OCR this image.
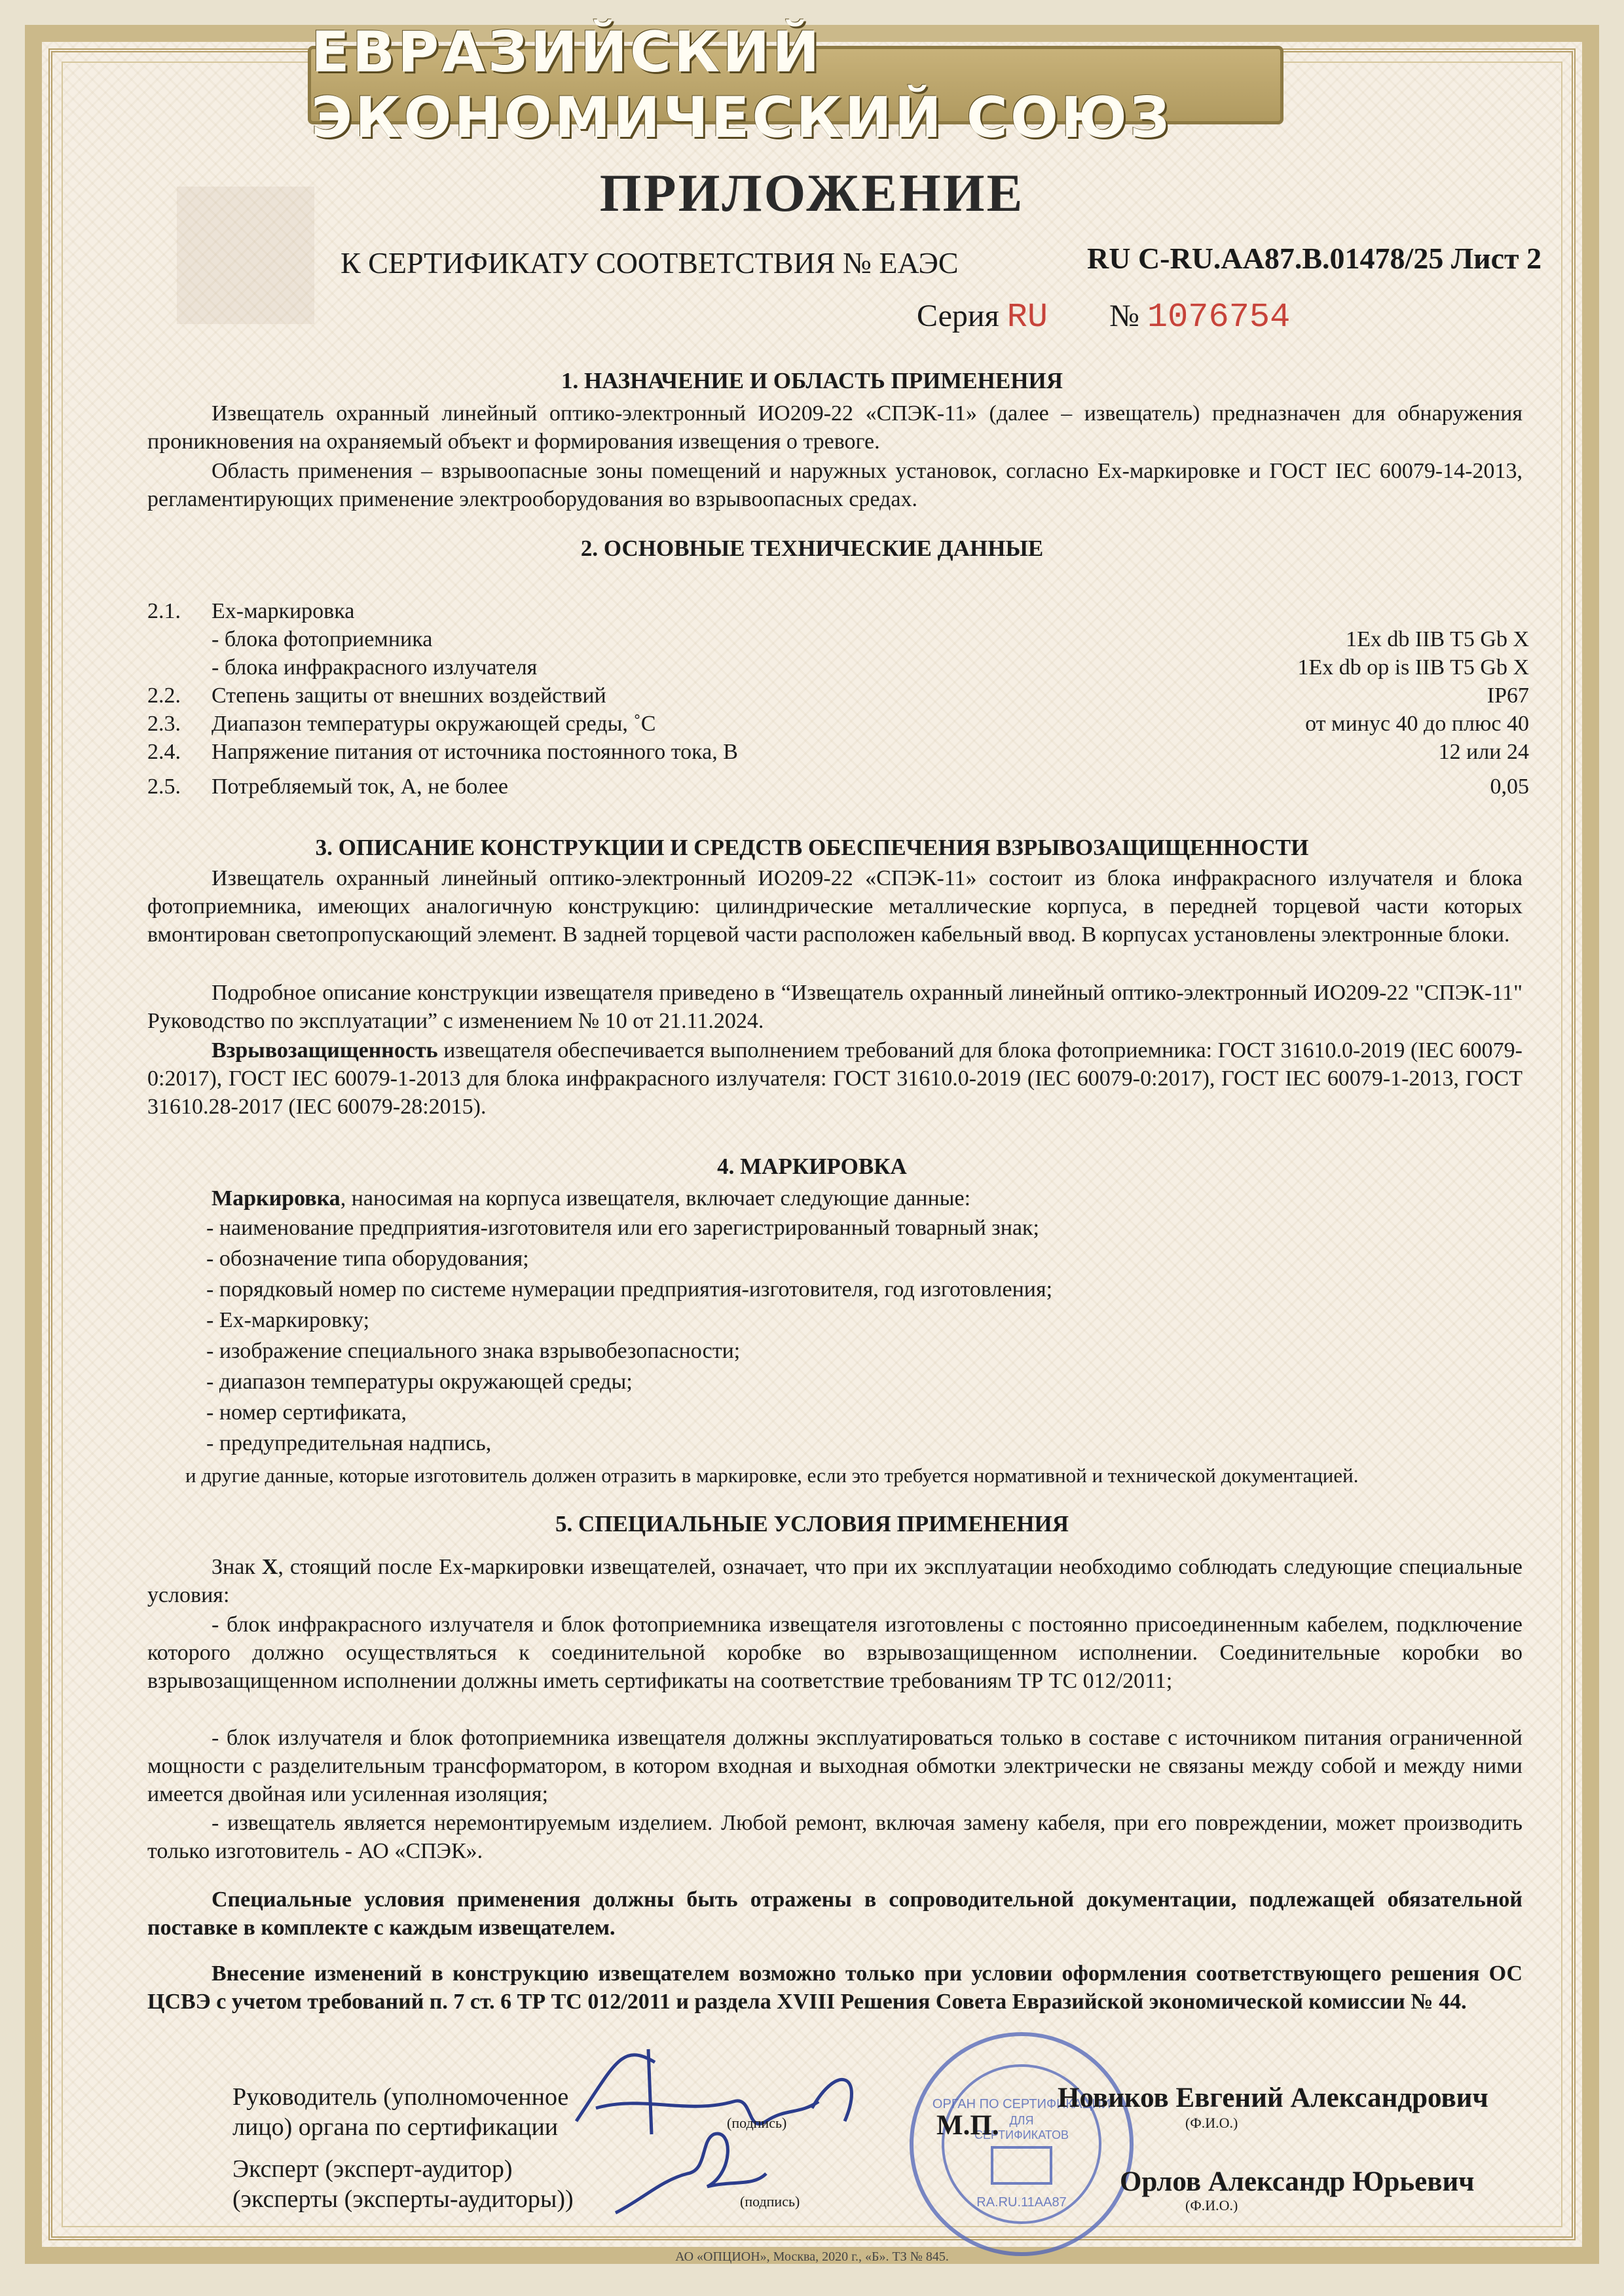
ЕВРАЗИЙСКИЙ ЭКОНОМИЧЕСКИЙ СОЮЗ
ПРИЛОЖЕНИЕ
К СЕРТИФИКАТУ СООТВЕТСТВИЯ № ЕАЭС	RU C-RU.AA87.B.01478/25 Лист 2
Серия RU № 1076754
1. НАЗНАЧЕНИЕ И ОБЛАСТЬ ПРИМЕНЕНИЯ

Извещатель охранный линейный оптико-электронный ИО209-22 «СПЭК-11» (далее – извещатель) предназначен для обнаружения проникновения на охраняемый объект и формирования извещения о тревоге.

Область применения – взрывоопасные зоны помещений и наружных установок, согласно Ex-маркировке и ГОСТ IEC 60079-14-2013, регламентирующих применение электрооборудования во взрывоопасных средах.

2. ОСНОВНЫЕ ТЕХНИЧЕСКИЕ ДАННЫЕ
2.1. Ex-маркировка
- блока фотоприемника	1Ex db IIB T5 Gb X
- блока инфракрасного излучателя	1Ex db op is IIB T5 Gb X
2.2. Степень защиты от внешних воздействий	IP67
2.3. Диапазон температуры окружающей среды, ˚С	от минус 40 до плюс 40
2.4. Напряжение питания от источника постоянного тока, В	12 или 24
2.5. Потребляемый ток, А, не более	0,05
3. ОПИСАНИЕ КОНСТРУКЦИИ И СРЕДСТВ ОБЕСПЕЧЕНИЯ ВЗРЫВОЗАЩИЩЕННОСТИ

Извещатель охранный линейный оптико-электронный ИО209-22 «СПЭК-11» состоит из блока инфракрасного излучателя и блока фотоприемника, имеющих аналогичную конструкцию: цилиндрические металлические корпуса, в передней торцевой части которых вмонтирован светопропускающий элемент. В задней торцевой части расположен кабельный ввод. В корпусах установлены электронные блоки.

Подробное описание конструкции извещателя приведено в “Извещатель охранный линейный оптико-электронный ИО209-22 "СПЭК-11" Руководство по эксплуатации” с изменением № 10 от 21.11.2024.

Взрывозащищенность извещателя обеспечивается выполнением требований для блока фотоприемника: ГОСТ 31610.0-2019 (IEC 60079-0:2017), ГОСТ IEC 60079-1-2013 для блока инфракрасного излучателя: ГОСТ 31610.0-2019 (IEC 60079-0:2017), ГОСТ IEC 60079-1-2013, ГОСТ 31610.28-2017 (IEC 60079-28:2015).

4. МАРКИРОВКА
Маркировка, наносимая на корпуса извещателя, включает следующие данные:
- наименование предприятия-изготовителя или его зарегистрированный товарный знак;
- обозначение типа оборудования;
- порядковый номер по системе нумерации предприятия-изготовителя, год изготовления;
- Ex-маркировку;
- изображение специального знака взрывобезопасности;
- диапазон температуры окружающей среды;
- номер сертификата,
- предупредительная надпись,
и другие данные, которые изготовитель должен отразить в маркировке, если это требуется нормативной и технической документацией.
5. СПЕЦИАЛЬНЫЕ УСЛОВИЯ ПРИМЕНЕНИЯ

Знак X, стоящий после Ex-маркировки извещателей, означает, что при их эксплуатации необходимо соблюдать следующие специальные условия:

- блок инфракрасного излучателя и блок фотоприемника извещателя изготовлены с постоянно присоединенным кабелем, подключение которого должно осуществляться к соединительной коробке во взрывозащищенном исполнении. Соединительные коробки во взрывозащищенном исполнении должны иметь сертификаты на соответствие требованиям ТР ТС 012/2011;

- блок излучателя и блок фотоприемника извещателя должны эксплуатироваться только в составе с источником питания ограниченной мощности с разделительным трансформатором, в котором входная и выходная обмотки электрически не связаны между собой и между ними имеется двойная или усиленная изоляция;

- извещатель является неремонтируемым изделием. Любой ремонт, включая замену кабеля, при его повреждении, может производить только изготовитель - АО «СПЭК».

Специальные условия применения должны быть отражены в сопроводительной документации, подлежащей обязательной поставке в комплекте с каждым извещателем.

Внесение изменений в конструкцию извещателем возможно только при условии оформления соответствующего решения ОС ЦСВЭ с учетом требований п. 7 ст. 6 ТР ТС 012/2011 и раздела XVIII Решения Совета Евразийской экономической комиссии № 44.

Руководитель (уполномоченное
лицо) органа по сертификации
Эксперт (эксперт-аудитор)
(эксперты (эксперты-аудиторы))
(подпись)
(подпись)
ОРГАН ПО СЕРТИФИКАЦИИ
ДЛЯ
СЕРТИФИКАТОВ
RA.RU.11АА87
М.П.
Новиков Евгений Александрович
(Ф.И.О.)
Орлов Александр Юрьевич
(Ф.И.О.)
АО «ОПЦИОН», Москва, 2020 г., «Б». ТЗ № 845.
